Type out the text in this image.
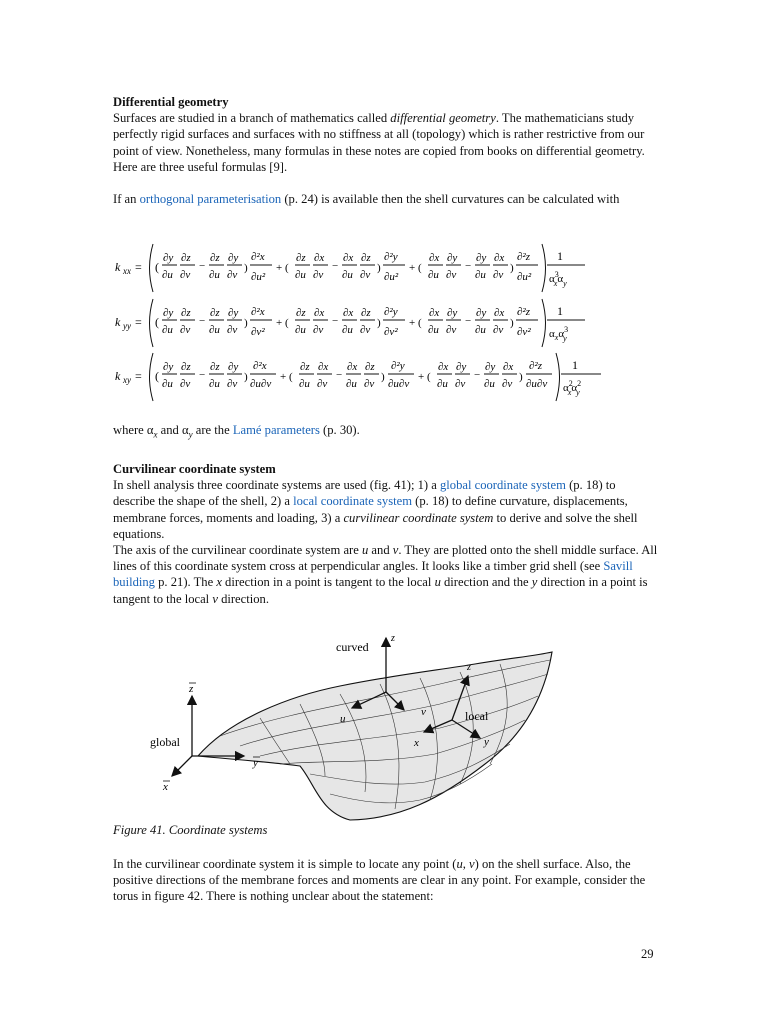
Differential geometry
Surfaces are studied in a branch of mathematics called differential geometry. The mathematicians study perfectly rigid surfaces and surfaces with no stiffness at all (topology) which is rather restrictive from our point of view. Nonetheless, many formulas in these notes are copied from books on differential geometry. Here are three useful formulas [9].
If an orthogonal parameterisation (p. 24) is available then the shell curvatures can be calculated with
k xx = (
∂y
∂u
∂z
∂v
−
∂z
∂u
∂y
∂v
)
∂²x
∂u²
+ (
∂z
∂u
∂x
∂v
−
∂x
∂u
∂z
∂v
)
∂²y
∂u²
+ (
∂x
∂u
∂y
∂v
−
∂y
∂u
∂x
∂v
)
∂²z
∂u²
1
$\alpha^3$ $x\alpha_y$
k yy = (
∂y
∂u
∂z
∂v
−
∂z
∂u
∂y
∂v
)
∂²x
∂v²
+ (
∂z
∂u
∂x
∂v
−
∂x
∂u
∂z
∂v
)
∂²y
∂v²
+ (
∂x
∂u
∂y
∂v
−
∂y
∂u
∂x
∂v
)
∂²z
∂v²
1
$\alpha_x\alpha^3$ y
k xy = (
∂y
∂u
∂z
∂v
−
∂z
∂u
∂y
∂v
)
∂²x
∂u∂v
+ (
∂z
∂u
∂x
∂v
−
∂x
∂u
∂z
∂v
)
∂²y
∂u∂v
+ (
∂x
∂u
∂y
∂v
−
∂y
∂u
∂x
∂v
)
∂²z
∂u∂v
1
$\alpha^2$ $x\alpha^2$ y
where $\alpha_x$ and $\alpha_y$ are the Lamé parameters (p. 30).
Curvilinear coordinate system
In shell analysis three coordinate systems are used (fig. 41); 1) a global coordinate system (p. 18) to describe the shape of the shell, 2) a local coordinate system (p. 18) to define curvature, displacements, membrane forces, moments and loading, 3) a curvilinear coordinate system to derive and solve the shell equations.
The axis of the curvilinear coordinate system are u and v. They are plotted onto the shell middle surface. All lines of this coordinate system cross at perpendicular angles. It looks like a timber grid shell (see Savill building p. 21). The x direction in a point is tangent to the local u direction and the y direction in a point is tangent to the local v direction.
curved
z
u
v
z
local
x	y
z
global
y
x
Figure 41. Coordinate systems
In the curvilinear coordinate system it is simple to locate any point (u, v) on the shell surface. Also, the positive directions of the membrane forces and moments are clear in any point. For example, consider the torus in figure 42. There is nothing unclear about the statement:
29
